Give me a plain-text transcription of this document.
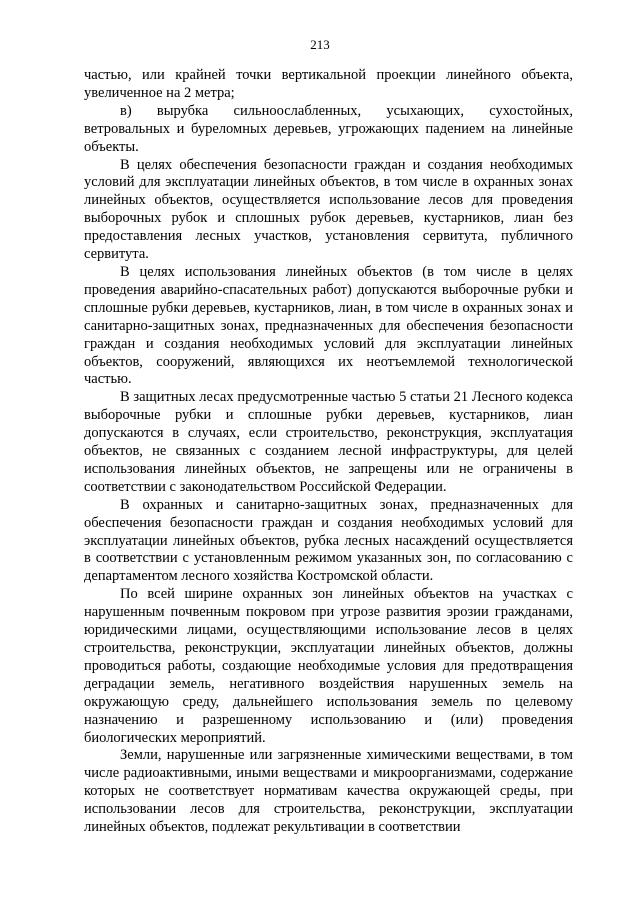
213

частью, или крайней точки вертикальной проекции линейного объекта, увеличенное на 2 метра;

в) вырубка сильноослабленных, усыхающих, сухостойных, ветровальных и буреломных деревьев, угрожающих падением на линейные объекты.

В целях обеспечения безопасности граждан и создания необходимых условий для эксплуатации линейных объектов, в том числе в охранных зонах линейных объектов, осуществляется использование лесов для проведения выборочных рубок и сплошных рубок деревьев, кустарников, лиан без предоставления лесных участков, установления сервитута, публичного сервитута.

В целях использования линейных объектов (в том числе в целях проведения аварийно-спасательных работ) допускаются выборочные рубки и сплошные рубки деревьев, кустарников, лиан, в том числе в охранных зонах и санитарно-защитных зонах, предназначенных для обеспечения безопасности граждан и создания необходимых условий для эксплуатации линейных объектов, сооружений, являющихся их неотъемлемой технологической частью.

В защитных лесах предусмотренные частью 5 статьи 21 Лесного кодекса выборочные рубки и сплошные рубки деревьев, кустарников, лиан допускаются в случаях, если строительство, реконструкция, эксплуатация объектов, не связанных с созданием лесной инфраструктуры, для целей использования линейных объектов, не запрещены или не ограничены в соответствии с законодательством Российской Федерации.

В охранных и санитарно-защитных зонах, предназначенных для обеспечения безопасности граждан и создания необходимых условий для эксплуатации линейных объектов, рубка лесных насаждений осуществляется в соответствии с установленным режимом указанных зон, по согласованию с департаментом лесного хозяйства Костромской области.

По всей ширине охранных зон линейных объектов на участках с нарушенным почвенным покровом при угрозе развития эрозии гражданами, юридическими лицами, осуществляющими использование лесов в целях строительства, реконструкции, эксплуатации линейных объектов, должны проводиться работы, создающие необходимые условия для предотвращения деградации земель, негативного воздействия нарушенных земель на окружающую среду, дальнейшего использования земель по целевому назначению и разрешенному использованию и (или) проведения биологических мероприятий.

Земли, нарушенные или загрязненные химическими веществами, в том числе радиоактивными, иными веществами и микроорганизмами, содержание которых не соответствует нормативам качества окружающей среды, при использовании лесов для строительства, реконструкции, эксплуатации линейных объектов, подлежат рекультивации в соответствии
